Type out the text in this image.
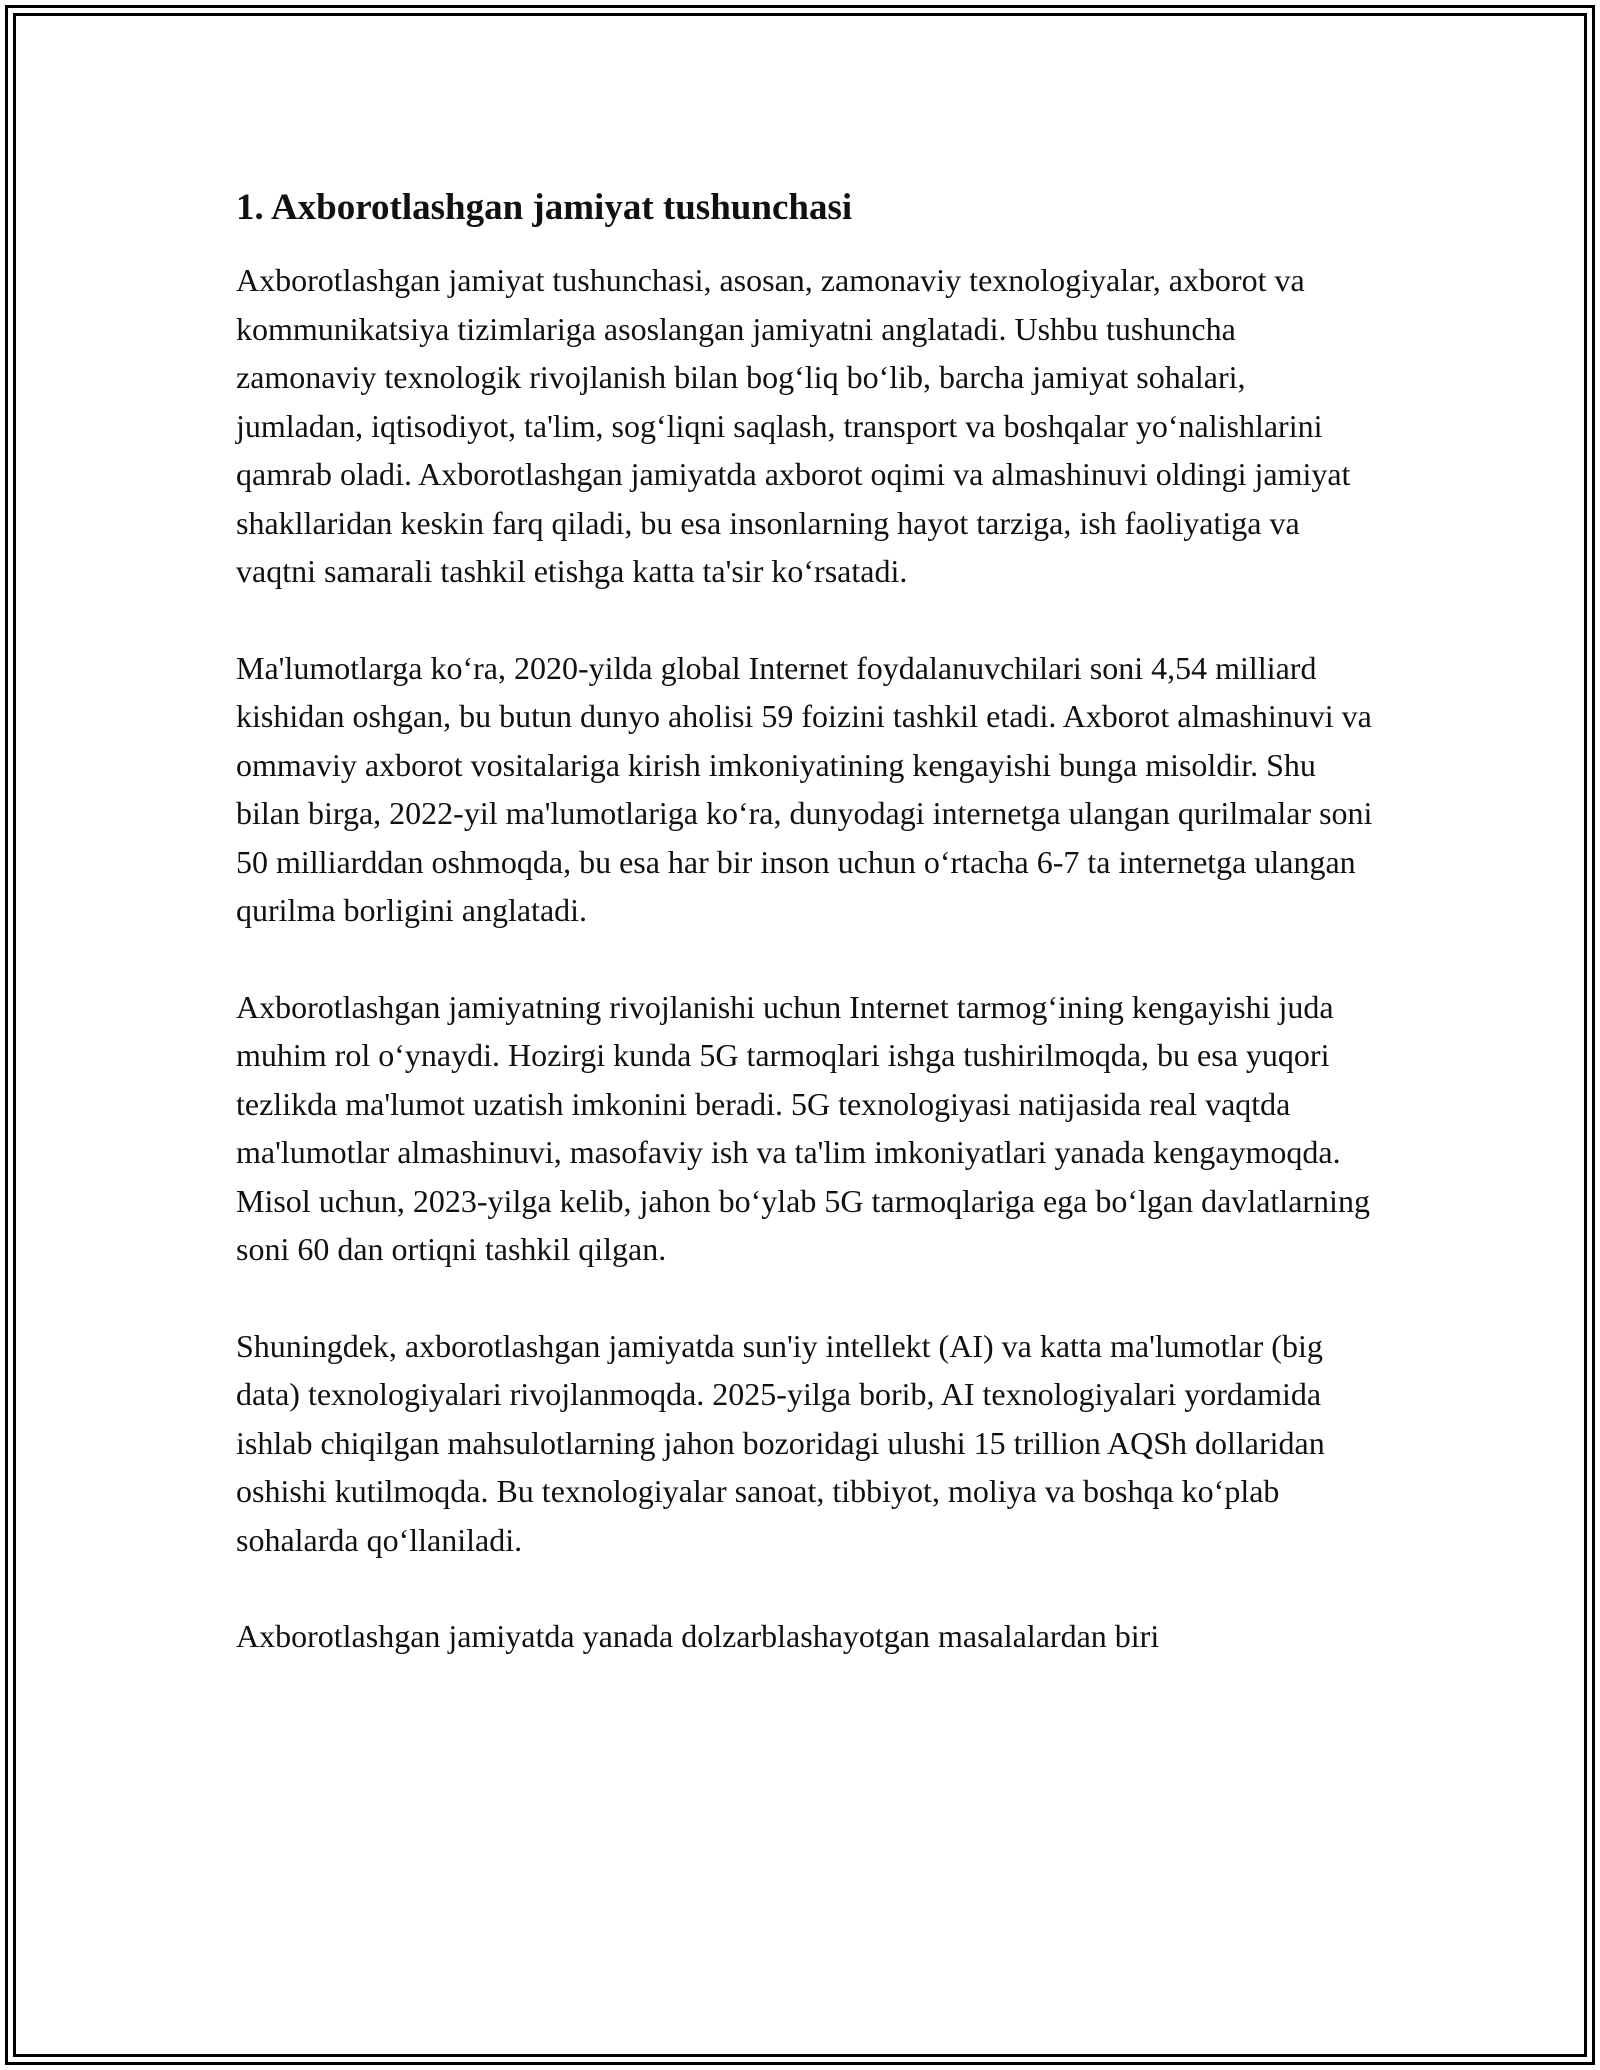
1. Axborotlashgan jamiyat tushunchasi

Axborotlashgan jamiyat tushunchasi, asosan, zamonaviy texnologiyalar, axborot va kommunikatsiya tizimlariga asoslangan jamiyatni anglatadi. Ushbu tushuncha zamonaviy texnologik rivojlanish bilan bog‘liq bo‘lib, barcha jamiyat sohalari, jumladan, iqtisodiyot, ta'lim, sog‘liqni saqlash, transport va boshqalar yo‘nalishlarini qamrab oladi. Axborotlashgan jamiyatda axborot oqimi va almashinuvi oldingi jamiyat shakllaridan keskin farq qiladi, bu esa insonlarning hayot tarziga, ish faoliyatiga va vaqtni samarali tashkil etishga katta ta'sir ko‘rsatadi.

Ma'lumotlarga ko‘ra, 2020-yilda global Internet foydalanuvchilari soni 4,54 milliard kishidan oshgan, bu butun dunyo aholisi 59 foizini tashkil etadi. Axborot almashinuvi va ommaviy axborot vositalariga kirish imkoniyatining kengayishi bunga misoldir. Shu bilan birga, 2022-yil ma'lumotlariga ko‘ra, dunyodagi internetga ulangan qurilmalar soni 50 milliarddan oshmoqda, bu esa har bir inson uchun o‘rtacha 6-7 ta internetga ulangan qurilma borligini anglatadi.

Axborotlashgan jamiyatning rivojlanishi uchun Internet tarmog‘ining kengayishi juda muhim rol o‘ynaydi. Hozirgi kunda 5G tarmoqlari ishga tushirilmoqda, bu esa yuqori tezlikda ma'lumot uzatish imkonini beradi. 5G texnologiyasi natijasida real vaqtda ma'lumotlar almashinuvi, masofaviy ish va ta'lim imkoniyatlari yanada kengaymoqda. Misol uchun, 2023-yilga kelib, jahon bo‘ylab 5G tarmoqlariga ega bo‘lgan davlatlarning soni 60 dan ortiqni tashkil qilgan.

Shuningdek, axborotlashgan jamiyatda sun'iy intellekt (AI) va katta ma'lumotlar (big data) texnologiyalari rivojlanmoqda. 2025-yilga borib, AI texnologiyalari yordamida ishlab chiqilgan mahsulotlarning jahon bozoridagi ulushi 15 trillion AQSh dollaridan oshishi kutilmoqda. Bu texnologiyalar sanoat, tibbiyot, moliya va boshqa ko‘plab sohalarda qo‘llaniladi.

Axborotlashgan jamiyatda yanada dolzarblashayotgan masalalardan biri
